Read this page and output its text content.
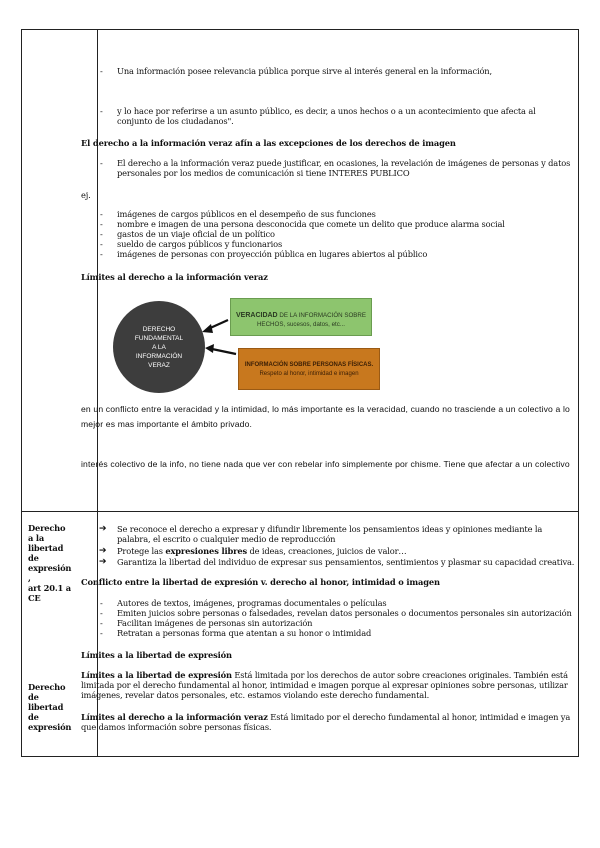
- Una información posee relevancia pública porque sirve al interés general en la información,
- y lo hace por referirse a un asunto público, es decir, a unos hechos o a un acontecimiento que afecta al conjunto de los ciudadanos".
El derecho a la información veraz afín a las excepciones de los derechos de imagen
- El derecho a la información veraz puede justificar, en ocasiones, la revelación de imágenes de personas y datos personales por los medios de comunicación si tiene INTERES PUBLICO
ej.
- imágenes de cargos públicos en el desempeño de sus funciones
- nombre e imagen de una persona desconocida que comete un delito que produce alarma social
- gastos de un viaje oficial de un político
- sueldo de cargos públicos y funcionarios
- imágenes de personas con proyección pública en lugares abiertos al público
Límites al derecho a la información veraz
DERECHO
FUNDAMENTAL
A LA
INFORMACIÓN
VERAZ
VERACIDAD DE LA INFORMACIÓN SOBRE HECHOS, sucesos, datos, etc...
INFORMACIÓN SOBRE PERSONAS FÍSICAS.
Respeto al honor, intimidad e imagen
en un conflicto entre la veracidad y la intimidad, lo más importante es la veracidad, cuando no trasciende a un colectivo a lo mejor es mas importante el ámbito privado.
interés colectivo de la info, no tiene nada que ver con rebelar info simplemente por chisme. Tiene que afectar a un colectivo
Derecho
a la
libertad
de
expresión
,
art 20.1 a
CE
Derecho
de
libertad
de
expresión
➔ Se reconoce el derecho a expresar y difundir libremente los pensamientos ideas y opiniones mediante la palabra, el escrito o cualquier medio de reproducción
➔ Protege las expresiones libres de ideas, creaciones, juicios de valor…
➔ Garantiza la libertad del individuo de expresar sus pensamientos, sentimientos y plasmar su capacidad creativa.
Conflicto entre la libertad de expresión v. derecho al honor, intimidad o imagen
- Autores de textos, imágenes, programas documentales o películas
- Emiten juicios sobre personas o falsedades, revelan datos personales o documentos personales sin autorización
- Facilitan imágenes de personas sin autorización
- Retratan a personas forma que atentan a su honor o intimidad
Límites a la libertad de expresión
Límites a la libertad de expresión Está limitada por los derechos de autor sobre creaciones originales. También está limitada por el derecho fundamental al honor, intimidad e imagen porque al expresar opiniones sobre personas, utilizar imágenes, revelar datos personales, etc. estamos violando este derecho fundamental.
Límites al derecho a la información veraz Está limitado por el derecho fundamental al honor, intimidad e imagen ya que damos información sobre personas físicas.
